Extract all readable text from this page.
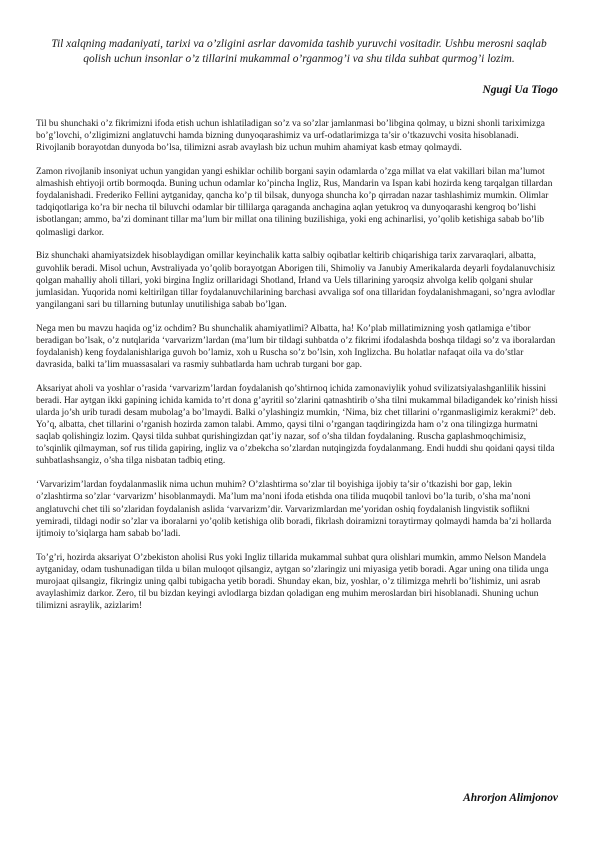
Til xalqning madaniyati, tarixi va o’zligini asrlar davomida tashib yuruvchi vositadir. Ushbu merosni saqlab qolish uchun insonlar o’z tillarini mukammal o’rganmog’i va shu tilda suhbat qurmog’i lozim.

Ngugi Ua Tiogo

Til bu shunchaki o’z fikrimizni ifoda etish uchun ishlatiladigan so’z va so’zlar jamlanmasi bo’libgina qolmay, u bizni shonli tariximizga bo’g’lovchi, o’zligimizni anglatuvchi hamda bizning dunyoqarashimiz va urf-odatlarimizga ta’sir o’tkazuvchi vosita hisoblanadi. Rivojlanib borayotdan dunyoda bo’lsa, tilimizni asrab avaylash biz uchun muhim ahamiyat kasb etmay qolmaydi.

Zamon rivojlanib insoniyat uchun yangidan yangi eshiklar ochilib borgani sayin odamlarda o’zga millat va elat vakillari bilan ma’lumot almashish ehtiyoji ortib bormoqda. Buning uchun odamlar ko’pincha Ingliz, Rus, Mandarin va Ispan kabi hozirda keng tarqalgan tillardan foydalanishadi. Frederiko Fellini aytganiday, qancha ko’p til bilsak, dunyoga shuncha ko’p qirradan nazar tashlashimiz mumkin. Olimlar tadqiqotlariga ko’ra bir necha til biluvchi odamlar bir tillilarga qaraganda anchagina aqlan yetukroq va dunyoqarashi kengroq bo’lishi isbotlangan; ammo, ba’zi dominant tillar ma’lum bir millat ona tilining buzilishiga, yoki eng achinarlisi, yo’qolib ketishiga sabab bo’lib qolmasligi darkor.

Biz shunchaki ahamiyatsizdek hisoblaydigan omillar keyinchalik katta salbiy oqibatlar keltirib chiqarishiga tarix zarvaraqlari, albatta, guvohlik beradi. Misol uchun, Avstraliyada yo’qolib borayotgan Aborigen tili, Shimoliy va Janubiy Amerikalarda deyarli foydalanuvchisiz qolgan mahalliy aholi tillari, yoki birgina Ingliz orillaridagi Shotland, Irland va Uels tillarining yaroqsiz ahvolga kelib qolgani shular jumlasidan. Yuqorida nomi keltirilgan tillar foydalanuvchilarining barchasi avvaliga sof ona tillaridan foydalanishmagani, so’ngra avlodlar yangilangani sari bu tillarning butunlay unutilishiga sabab bo’lgan.

Nega men bu mavzu haqida og’iz ochdim? Bu shunchalik ahamiyatlimi? Albatta, ha! Ko’plab millatimizning yosh qatlamiga e’tibor beradigan bo’lsak, o’z nutqlarida ‘varvarizm’lardan (ma’lum bir tildagi suhbatda o’z fikrimi ifodalashda boshqa tildagi so’z va iboralardan foydalanish) keng foydalanishlariga guvoh bo’lamiz, xoh u Ruscha so’z bo’lsin, xoh Inglizcha. Bu holatlar nafaqat oila va do’stlar davrasida, balki ta’lim muassasalari va rasmiy suhbatlarda ham uchrab turgani bor gap.

Aksariyat aholi va yoshlar o’rasida ‘varvarizm’lardan foydalanish qo’shtirnoq ichida zamonaviylik yohud svilizatsiyalashganlilik hissini beradi. Har aytgan ikki gapining ichida kamida to’rt dona g’ayritil so’zlarini qatnashtirib o’sha tilni mukammal biladigandek ko’rinish hissi ularda jo’sh urib turadi desam mubolag’a bo’lmaydi. Balki o’ylashingiz mumkin, ‘Nima, biz chet tillarini o’rganmasligimiz kerakmi?’ deb. Yo’q, albatta, chet tillarini o’rganish hozirda zamon talabi. Ammo, qaysi tilni o’rgangan taqdiringizda ham o’z ona tilingizga hurmatni saqlab qolishingiz lozim. Qaysi tilda suhbat qurishingizdan qat’iy nazar, sof o’sha tildan foydalaning. Ruscha gaplashmoqchimisiz, to’sqinlik qilmayman, sof rus tilida gapiring, ingliz va o’zbekcha so’zlardan nutqingizda foydalanmang. Endi huddi shu qoidani qaysi tilda suhbatlashsangiz, o’sha tilga nisbatan tadbiq eting.

‘Varvarizim’lardan foydalanmaslik nima uchun muhim? O’zlashtirma so’zlar til boyishiga ijobiy ta’sir o’tkazishi bor gap, lekin o’zlashtirma so’zlar ‘varvarizm’ hisoblanmaydi. Ma’lum ma’noni ifoda etishda ona tilida muqobil tanlovi bo’la turib, o’sha ma’noni anglatuvchi chet tili so’zlaridan foydalanish aslida ‘varvarizm’dir. Varvarizmlardan me’yoridan oshiq foydalanish lingvistik soflikni yemiradi, tildagi nodir so’zlar va iboralarni yo’qolib ketishiga olib boradi, fikrlash doiramizni toraytirmay qolmaydi hamda ba’zi hollarda ijtimoiy to’siqlarga ham sabab bo’ladi.

To’g’ri, hozirda aksariyat O’zbekiston aholisi Rus yoki Ingliz tillarida mukammal suhbat qura olishlari mumkin, ammo Nelson Mandela aytganiday, odam tushunadigan tilda u bilan muloqot qilsangiz, aytgan so’zlaringiz uni miyasiga yetib boradi. Agar uning ona tilida unga murojaat qilsangiz, fikringiz uning qalbi tubigacha yetib boradi. Shunday ekan, biz, yoshlar, o’z tilimizga mehrli bo’lishimiz, uni asrab avaylashimiz darkor. Zero, til bu bizdan keyingi avlodlarga bizdan qoladigan eng muhim meroslardan biri hisoblanadi. Shuning uchun tilimizni asraylik, azizlarim!

Ahrorjon Alimjonov
